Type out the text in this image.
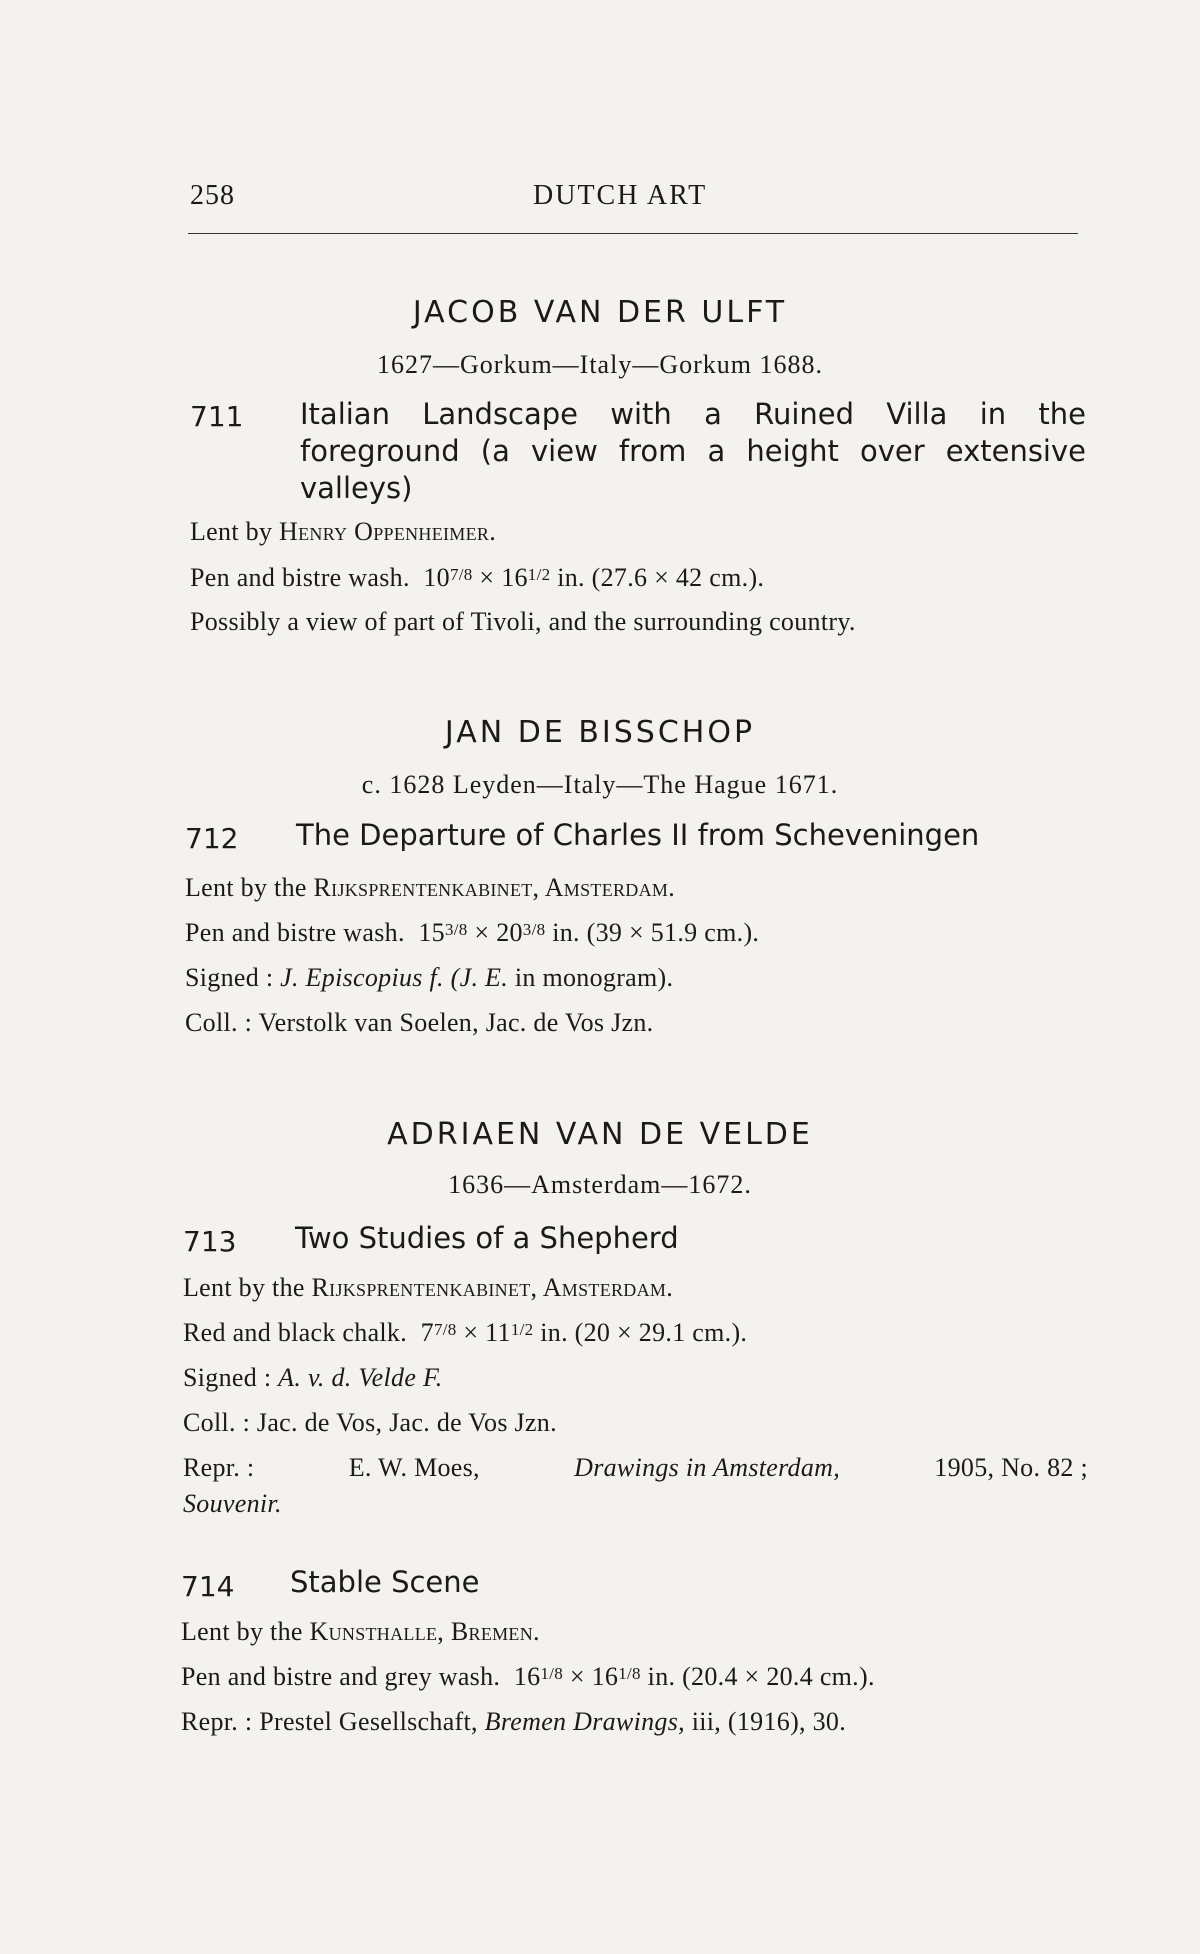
258	DUTCH ART
JACOB VAN DER ULFT
1627—Gorkum—Italy—Gorkum 1688.
711 Italian Landscape with a Ruined Villa in the foreground (a view from a height over extensive valleys)
Lent by Henry Oppenheimer.
Pen and bistre wash. $10^{7/8} \times 16^{1/2}$ in. (27.6 × 42 cm.).
Possibly a view of part of Tivoli, and the surrounding country.
JAN DE BISSCHOP
c. 1628 Leyden—Italy—The Hague 1671.
712 The Departure of Charles II from Scheveningen
Lent by the Rijksprentenkabinet, Amsterdam.
Pen and bistre wash. $15^{3/8} \times 20^{3/8}$ in. (39 × 51.9 cm.).
Signed : J. Episcopius f. (J. E. in monogram).
Coll. : Verstolk van Soelen, Jac. de Vos Jzn.
ADRIAEN VAN DE VELDE
1636—Amsterdam—1672.
713 Two Studies of a Shepherd
Lent by the Rijksprentenkabinet, Amsterdam.
Red and black chalk. $7^{7/8} \times 11^{1/2}$ in. (20 × 29.1 cm.).
Signed : A. v. d. Velde F.
Coll. : Jac. de Vos, Jac. de Vos Jzn.
Repr. :	E. W. Moes,	Drawings in Amsterdam,	1905, No. 82 ;
Souvenir.
714 Stable Scene
Lent by the Kunsthalle, Bremen.
Pen and bistre and grey wash. $16^{1/8} \times 16^{1/8}$ in. (20.4 × 20.4 cm.).
Repr. : Prestel Gesellschaft, Bremen Drawings, iii, (1916), 30.
